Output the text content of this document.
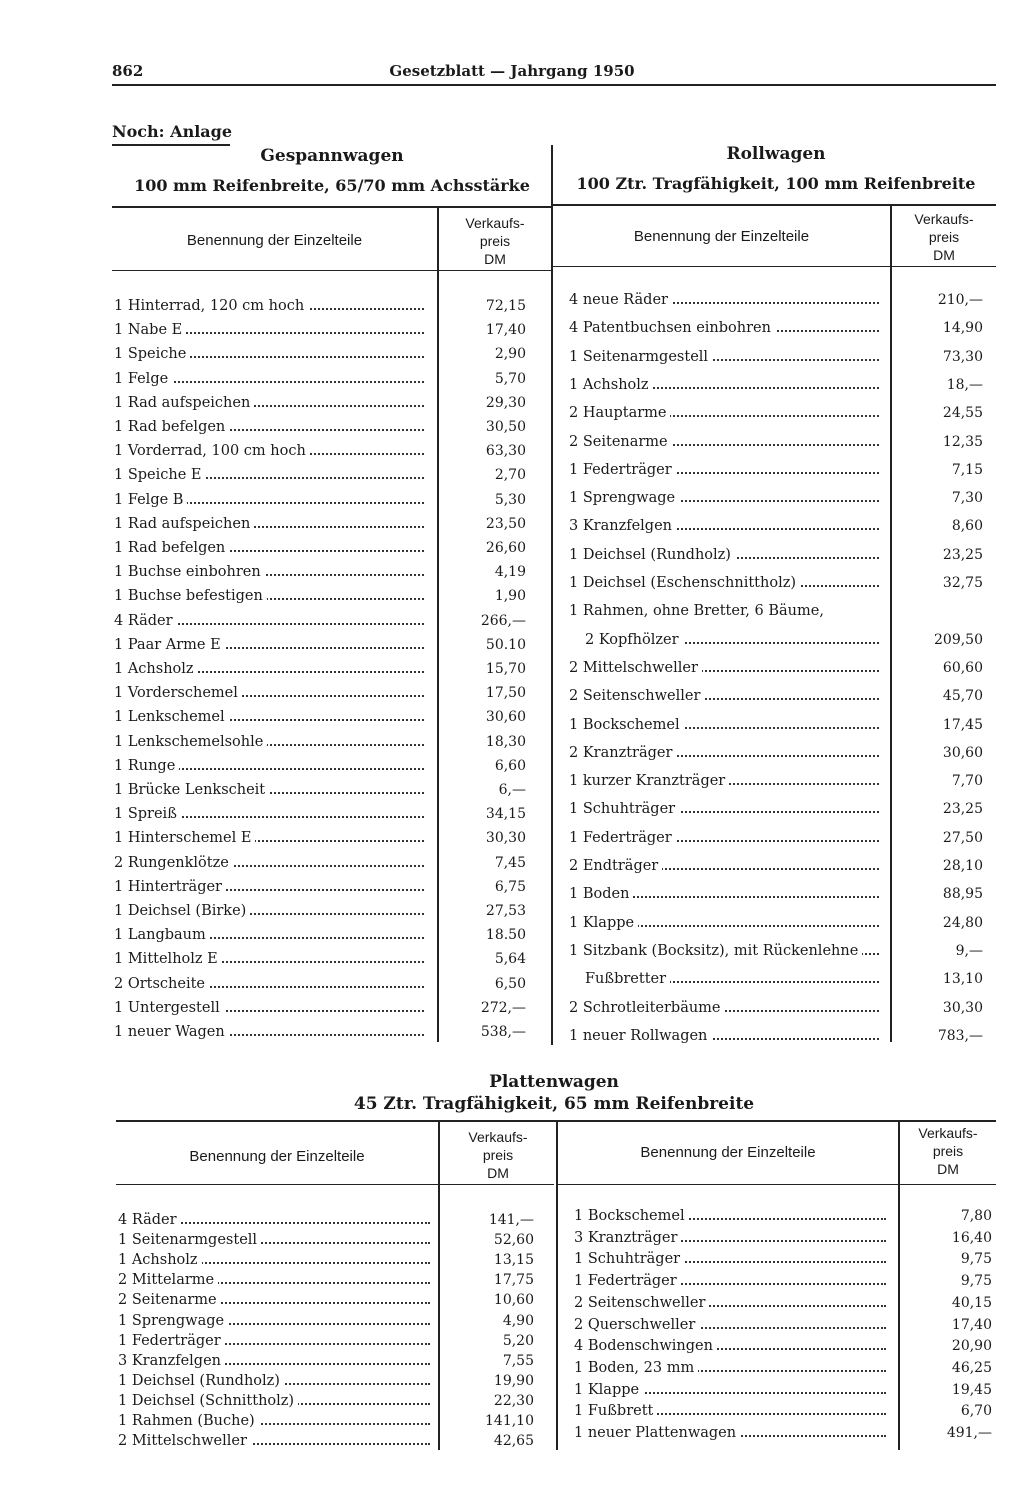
862	Gesetzblatt — Jahrgang 1950
Noch: Anlage
Gespannwagen
100 mm Reifenbreite, 65/70 mm Achsstärke
Rollwagen
100 Ztr. Tragfähigkeit, 100 mm Reifenbreite
Benennung der Einzelteile
Verkaufs-
preis
DM
1 Hinterrad, 120 cm hoch	72,15
1 Nabe E	17,40
1 Speiche	2,90
1 Felge	5,70
1 Rad aufspeichen	29,30
1 Rad befelgen	30,50
1 Vorderrad, 100 cm hoch	63,30
1 Speiche E	2,70
1 Felge B	5,30
1 Rad aufspeichen	23,50
1 Rad befelgen	26,60
1 Buchse einbohren	4,19
1 Buchse befestigen	1,90
4 Räder	266,—
1 Paar Arme E	50.10
1 Achsholz	15,70
1 Vorderschemel	17,50
1 Lenkschemel	30,60
1 Lenkschemelsohle	18,30
1 Runge	6,60
1 Brücke Lenkscheit	6,—
1 Spreiß	34,15
1 Hinterschemel E	30,30
2 Rungenklötze	7,45
1 Hinterträger	6,75
1 Deichsel (Birke)	27,53
1 Langbaum	18.50
1 Mittelholz E	5,64
2 Ortscheite	6,50
1 Untergestell	272,—
1 neuer Wagen	538,—
Benennung der Einzelteile
Verkaufs-
preis
DM
4 neue Räder	210,—
4 Patentbuchsen einbohren	14,90
1 Seitenarmgestell	73,30
1 Achsholz	18,—
2 Hauptarme	24,55
2 Seitenarme	12,35
1 Federträger	7,15
1 Sprengwage	7,30
3 Kranzfelgen	8,60
1 Deichsel (Rundholz)	23,25
1 Deichsel (Eschenschnittholz)	32,75
1 Rahmen, ohne Bretter, 6 Bäume,
2 Kopfhölzer	209,50
2 Mittelschweller	60,60
2 Seitenschweller	45,70
1 Bockschemel	17,45
2 Kranzträger	30,60
1 kurzer Kranzträger	7,70
1 Schuhträger	23,25
1 Federträger	27,50
2 Endträger	28,10
1 Boden	88,95
1 Klappe	24,80
1 Sitzbank (Bocksitz), mit Rückenlehne	9,—
Fußbretter	13,10
2 Schrotleiterbäume	30,30
1 neuer Rollwagen	783,—
Plattenwagen
45 Ztr. Tragfähigkeit, 65 mm Reifenbreite
Benennung der Einzelteile
Verkaufs-
preis
DM
Benennung der Einzelteile
Verkaufs-
preis
DM
4 Räder	141,—
1 Seitenarmgestell	52,60
1 Achsholz	13,15
2 Mittelarme	17,75
2 Seitenarme	10,60
1 Sprengwage	4,90
1 Federträger	5,20
3 Kranzfelgen	7,55
1 Deichsel (Rundholz)	19,90
1 Deichsel (Schnittholz)	22,30
1 Rahmen (Buche)	141,10
2 Mittelschweller	42,65
1 Bockschemel	7,80
3 Kranzträger	16,40
1 Schuhträger	9,75
1 Federträger	9,75
2 Seitenschweller	40,15
2 Querschweller	17,40
4 Bodenschwingen	20,90
1 Boden, 23 mm	46,25
1 Klappe	19,45
1 Fußbrett	6,70
1 neuer Plattenwagen	491,—
